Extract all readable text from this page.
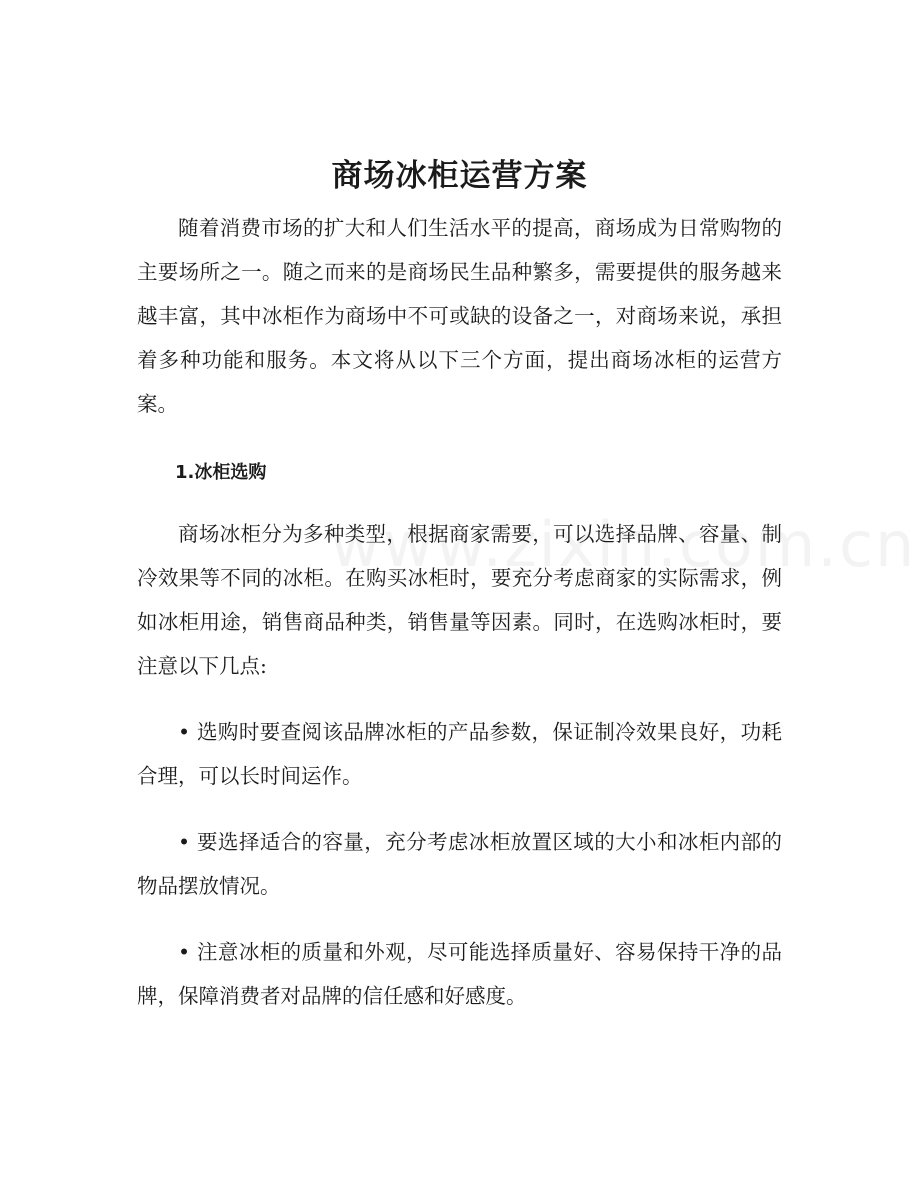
商场冰柜运营方案

随着消费市场的扩大和人们生活水平的提高，商场成为日常购物的主要场所之一。随之而来的是商场民生品种繁多，需要提供的服务越来越丰富，其中冰柜作为商场中不可或缺的设备之一，对商场来说，承担着多种功能和服务。本文将从以下三个方面，提出商场冰柜的运营方案。

1.冰柜选购

商场冰柜分为多种类型，根据商家需要，可以选择品牌、容量、制冷效果等不同的冰柜。在购买冰柜时，要充分考虑商家的实际需求，例如冰柜用途，销售商品种类，销售量等因素。同时，在选购冰柜时，要注意以下几点:

• 选购时要查阅该品牌冰柜的产品参数，保证制冷效果良好，功耗合理，可以长时间运作。

• 要选择适合的容量，充分考虑冰柜放置区域的大小和冰柜内部的物品摆放情况。

• 注意冰柜的质量和外观，尽可能选择质量好、容易保持干净的品牌，保障消费者对品牌的信任感和好感度。
